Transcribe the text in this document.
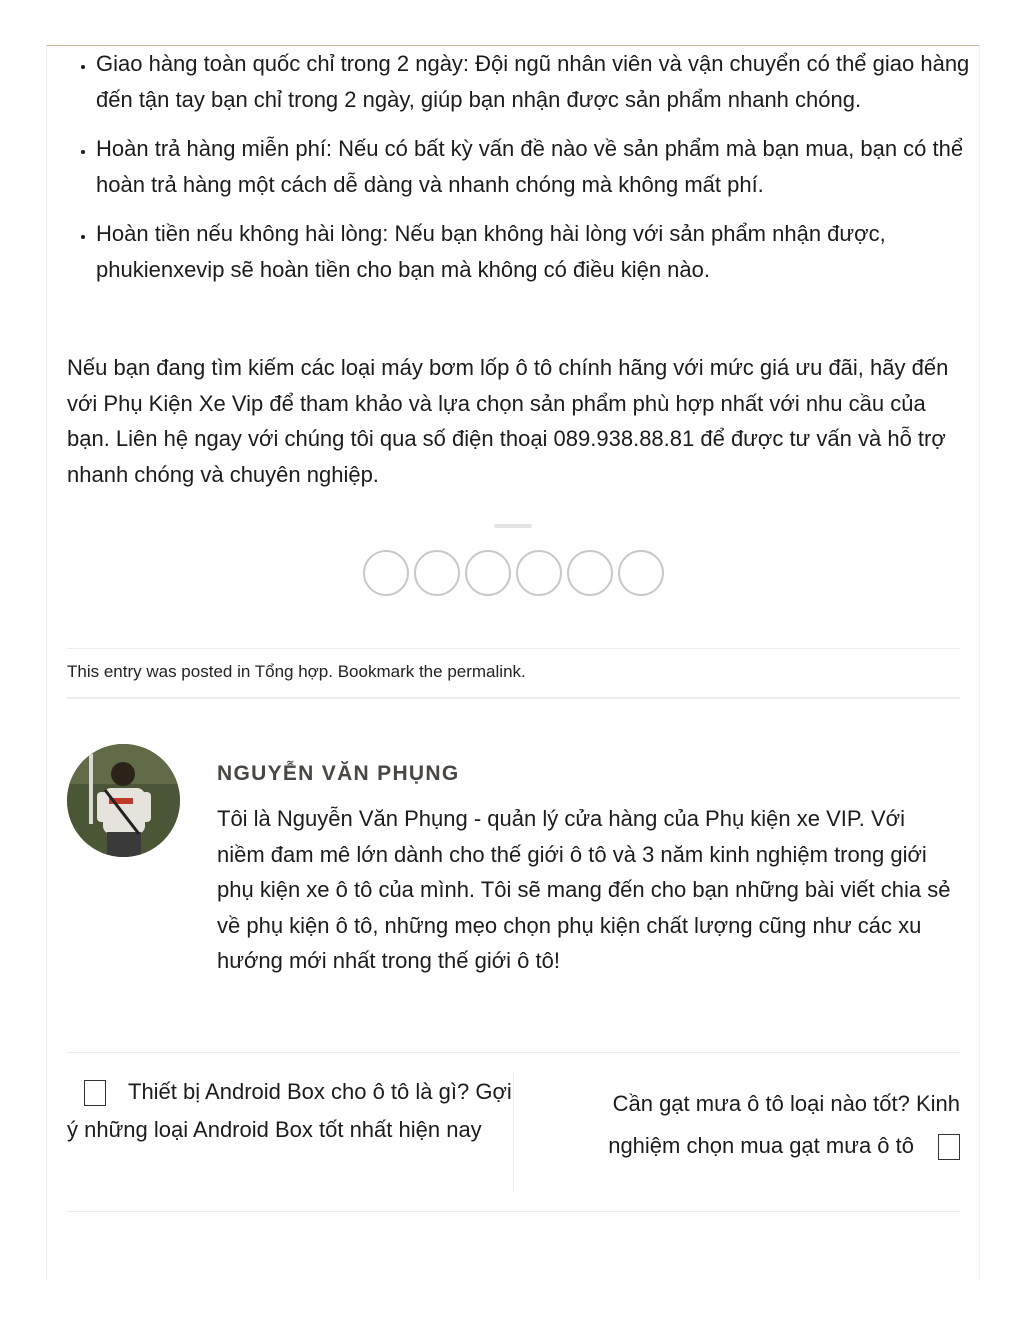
• Giao hàng toàn quốc chỉ trong 2 ngày: Đội ngũ nhân viên và vận chuyển có thể giao hàng đến tận tay bạn chỉ trong 2 ngày, giúp bạn nhận được sản phẩm nhanh chóng.
• Hoàn trả hàng miễn phí: Nếu có bất kỳ vấn đề nào về sản phẩm mà bạn mua, bạn có thể hoàn trả hàng một cách dễ dàng và nhanh chóng mà không mất phí.
• Hoàn tiền nếu không hài lòng: Nếu bạn không hài lòng với sản phẩm nhận được, phukienxevip sẽ hoàn tiền cho bạn mà không có điều kiện nào.

Nếu bạn đang tìm kiếm các loại máy bơm lốp ô tô chính hãng với mức giá ưu đãi, hãy đến với Phụ Kiện Xe Vip để tham khảo và lựa chọn sản phẩm phù hợp nhất với nhu cầu của bạn. Liên hệ ngay với chúng tôi qua số điện thoại 089.938.88.81 để được tư vấn và hỗ trợ nhanh chóng và chuyên nghiệp.

This entry was posted in Tổng hợp. Bookmark the permalink.
NGUYỄN VĂN PHỤNG

Tôi là Nguyễn Văn Phụng - quản lý cửa hàng của Phụ kiện xe VIP. Với niềm đam mê lớn dành cho thế giới ô tô và 3 năm kinh nghiệm trong giới phụ kiện xe ô tô của mình. Tôi sẽ mang đến cho bạn những bài viết chia sẻ về phụ kiện ô tô, những mẹo chọn phụ kiện chất lượng cũng như các xu hướng mới nhất trong thế giới ô tô!

Thiết bị Android Box cho ô tô là gì? Gợi ý những loại Android Box tốt nhất hiện nay
Cần gạt mưa ô tô loại nào tốt? Kinh nghiệm chọn mua gạt mưa ô tô
